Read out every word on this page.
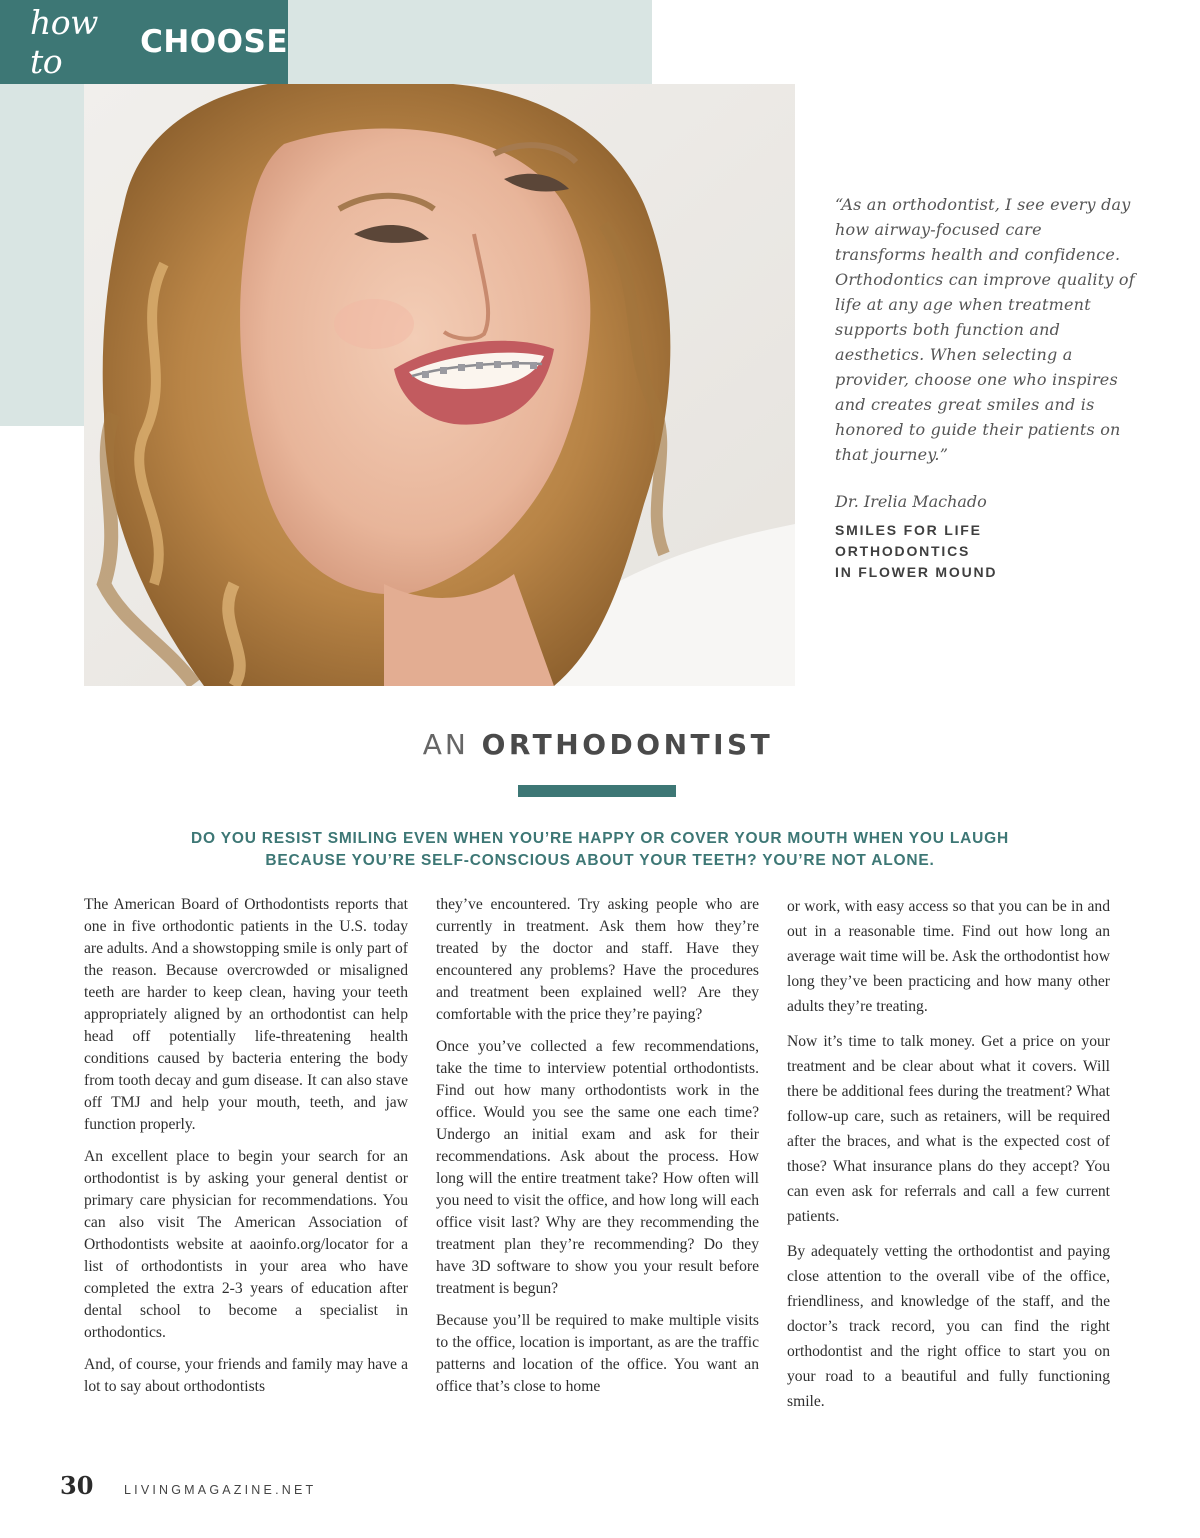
how to	CHOOSE

“As an orthodontist, I see every day how airway-focused care transforms health and confidence. Orthodontics can improve quality of life at any age when treatment supports both function and aesthetics. When selecting a provider, choose one who inspires and creates great smiles and is honored to guide their patients on that journey.”

Dr. Irelia Machado

SMILES FOR LIFE
ORTHODONTICS
IN FLOWER MOUND
AN ORTHODONTIST
DO YOU RESIST SMILING EVEN WHEN YOU’RE HAPPY OR COVER YOUR MOUTH WHEN YOU LAUGH
BECAUSE YOU’RE SELF-CONSCIOUS ABOUT YOUR TEETH? YOU’RE NOT ALONE.

The American Board of Orthodontists reports that one in five orthodontic patients in the U.S. today are adults. And a showstopping smile is only part of the reason. Because overcrowded or misaligned teeth are harder to keep clean, having your teeth appropriately aligned by an orthodontist can help head off potentially life-threatening health conditions caused by bacteria entering the body from tooth decay and gum disease. It can also stave off TMJ and help your mouth, teeth, and jaw function properly.

An excellent place to begin your search for an orthodontist is by asking your general dentist or primary care physician for recommendations. You can also visit The American Association of Orthodontists website at aaoinfo.org/locator for a list of orthodontists in your area who have completed the extra 2-3 years of education after dental school to become a specialist in orthodontics.

And, of course, your friends and family may have a lot to say about orthodontists

they’ve encountered. Try asking people who are currently in treatment. Ask them how they’re treated by the doctor and staff. Have they encountered any problems? Have the procedures and treatment been explained well? Are they comfortable with the price they’re paying?

Once you’ve collected a few recommendations, take the time to interview potential orthodontists. Find out how many orthodontists work in the office. Would you see the same one each time? Undergo an initial exam and ask for their recommendations. Ask about the process. How long will the entire treatment take? How often will you need to visit the office, and how long will each office visit last? Why are they recommending the treatment plan they’re recommending? Do they have 3D software to show you your result before treatment is begun?

Because you’ll be required to make multiple visits to the office, location is important, as are the traffic patterns and location of the office. You want an office that’s close to home

or work, with easy access so that you can be in and out in a reasonable time. Find out how long an average wait time will be. Ask the orthodontist how long they’ve been practicing and how many other adults they’re treating.

Now it’s time to talk money. Get a price on your treatment and be clear about what it covers. Will there be additional fees during the treatment? What follow-up care, such as retainers, will be required after the braces, and what is the expected cost of those? What insurance plans do they accept? You can even ask for referrals and call a few current patients.

By adequately vetting the orthodontist and paying close attention to the overall vibe of the office, friendliness, and knowledge of the staff, and the doctor’s track record, you can find the right orthodontist and the right office to start you on your road to a beautiful and fully functioning smile.

30 LIVINGMAGAZINE.NET
